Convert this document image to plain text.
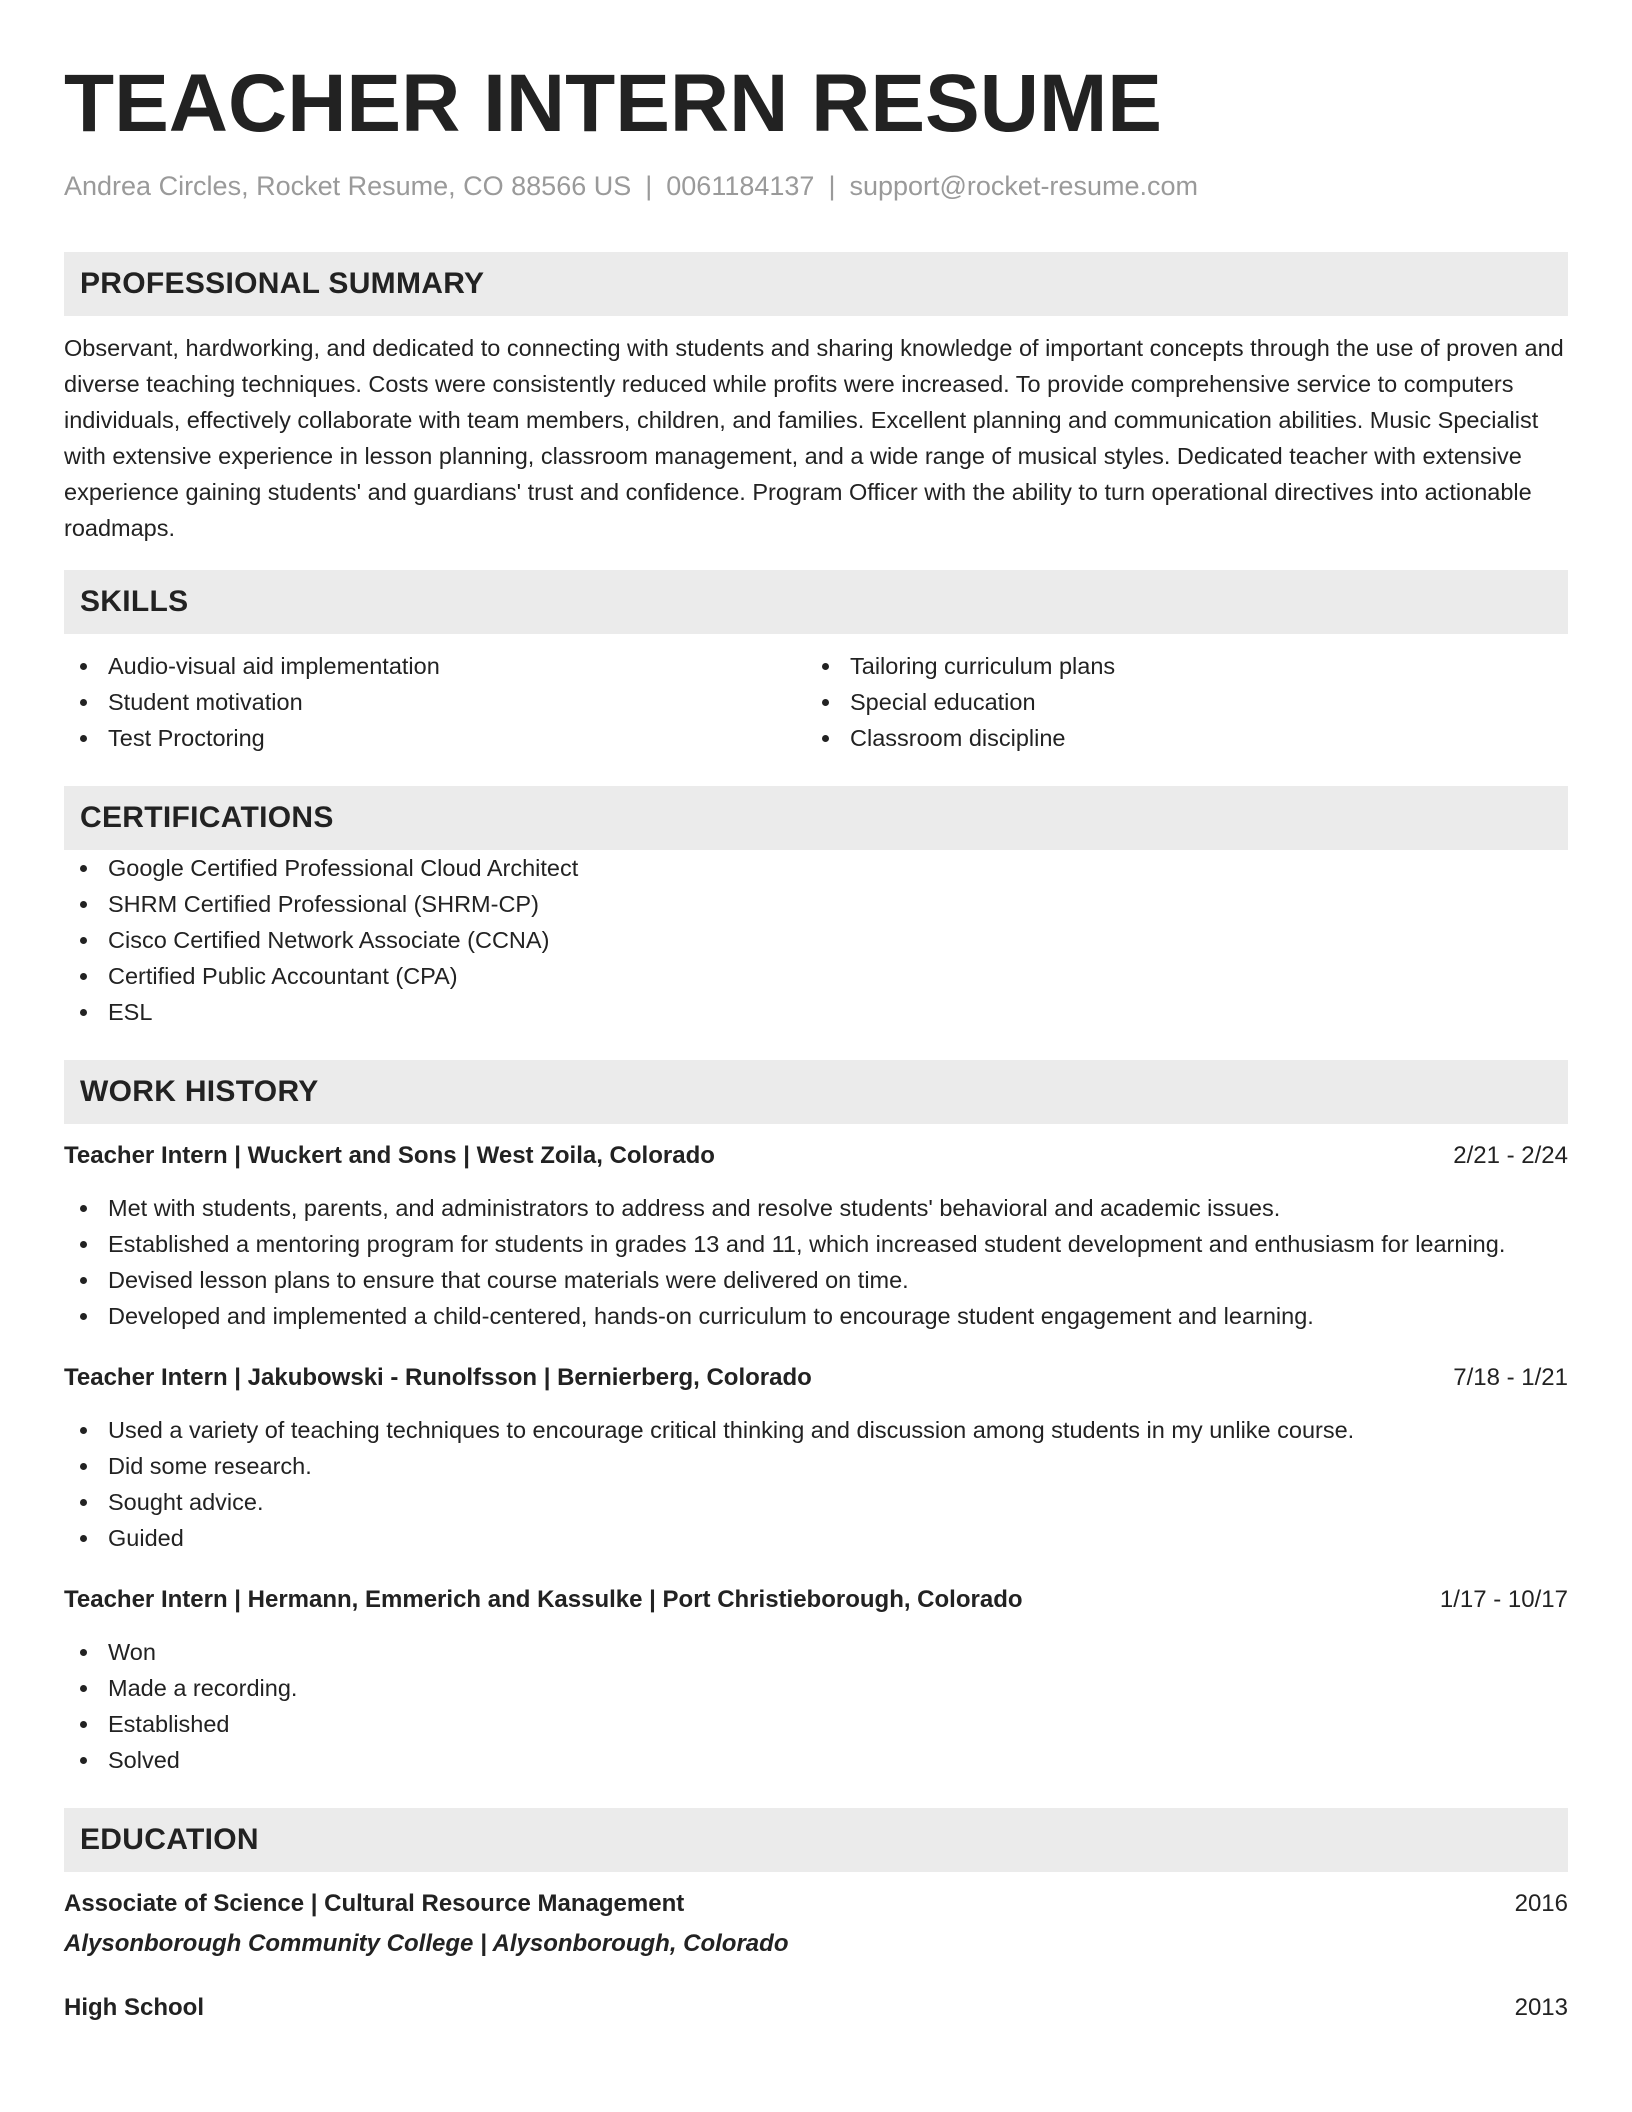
TEACHER INTERN RESUME
Andrea Circles, Rocket Resume, CO 88566 US | 0061184137 | support@rocket-resume.com
PROFESSIONAL SUMMARY

Observant, hardworking, and dedicated to connecting with students and sharing knowledge of important concepts through the use of proven and diverse teaching techniques. Costs were consistently reduced while profits were increased. To provide comprehensive service to computers individuals, effectively collaborate with team members, children, and families. Excellent planning and communication abilities. Music Specialist with extensive experience in lesson planning, classroom management, and a wide range of musical styles. Dedicated teacher with extensive experience gaining students' and guardians' trust and confidence. Program Officer with the ability to turn operational directives into actionable roadmaps.

SKILLS
Audio-visual aid implementation
Student motivation
Test Proctoring
Tailoring curriculum plans
Special education
Classroom discipline
CERTIFICATIONS
Google Certified Professional Cloud Architect
SHRM Certified Professional (SHRM-CP)
Cisco Certified Network Associate (CCNA)
Certified Public Accountant (CPA)
ESL
WORK HISTORY
Teacher Intern | Wuckert and Sons | West Zoila, Colorado	2/21 - 2/24
Met with students, parents, and administrators to address and resolve students' behavioral and academic issues.
Established a mentoring program for students in grades 13 and 11, which increased student development and enthusiasm for learning.
Devised lesson plans to ensure that course materials were delivered on time.
Developed and implemented a child-centered, hands-on curriculum to encourage student engagement and learning.
Teacher Intern | Jakubowski - Runolfsson | Bernierberg, Colorado	7/18 - 1/21
Used a variety of teaching techniques to encourage critical thinking and discussion among students in my unlike course.
Did some research.
Sought advice.
Guided
Teacher Intern | Hermann, Emmerich and Kassulke | Port Christieborough, Colorado	1/17 - 10/17
Won
Made a recording.
Established
Solved
EDUCATION
Associate of Science | Cultural Resource Management	2016
Alysonborough Community College | Alysonborough, Colorado
High School	2013
